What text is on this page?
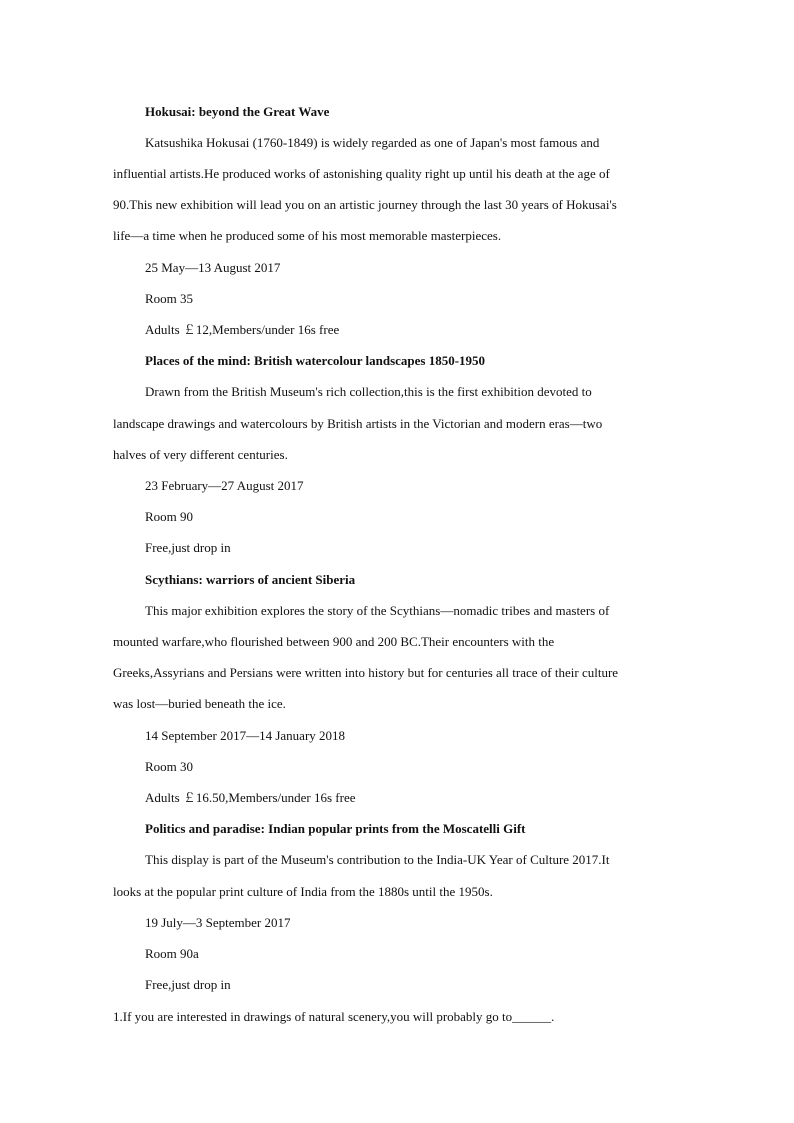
Hokusai: beyond the Great Wave
Katsushika Hokusai (1760-1849) is widely regarded as one of Japan's most famous and
influential artists.He produced works of astonishing quality right up until his death at the age of
90.This new exhibition will lead you on an artistic journey through the last 30 years of Hokusai's
life—a time when he produced some of his most memorable masterpieces.
25 May—13 August 2017
Room 35
Adults ￡12,Members/under 16s free
Places of the mind: British watercolour landscapes 1850-1950
Drawn from the British Museum's rich collection,this is the first exhibition devoted to
landscape drawings and watercolours by British artists in the Victorian and modern eras—two
halves of very different centuries.
23 February—27 August 2017
Room 90
Free,just drop in
Scythians: warriors of ancient Siberia
This major exhibition explores the story of the Scythians—nomadic tribes and masters of
mounted warfare,who flourished between 900 and 200 BC.Their encounters with the
Greeks,Assyrians and Persians were written into history but for centuries all trace of their culture
was lost—buried beneath the ice.
14 September 2017—14 January 2018
Room 30
Adults ￡16.50,Members/under 16s free
Politics and paradise: Indian popular prints from the Moscatelli Gift
This display is part of the Museum's contribution to the India-UK Year of Culture 2017.It
looks at the popular print culture of India from the 1880s until the 1950s.
19 July—3 September 2017
Room 90a
Free,just drop in
1.If you are interested in drawings of natural scenery,you will probably go to______.
